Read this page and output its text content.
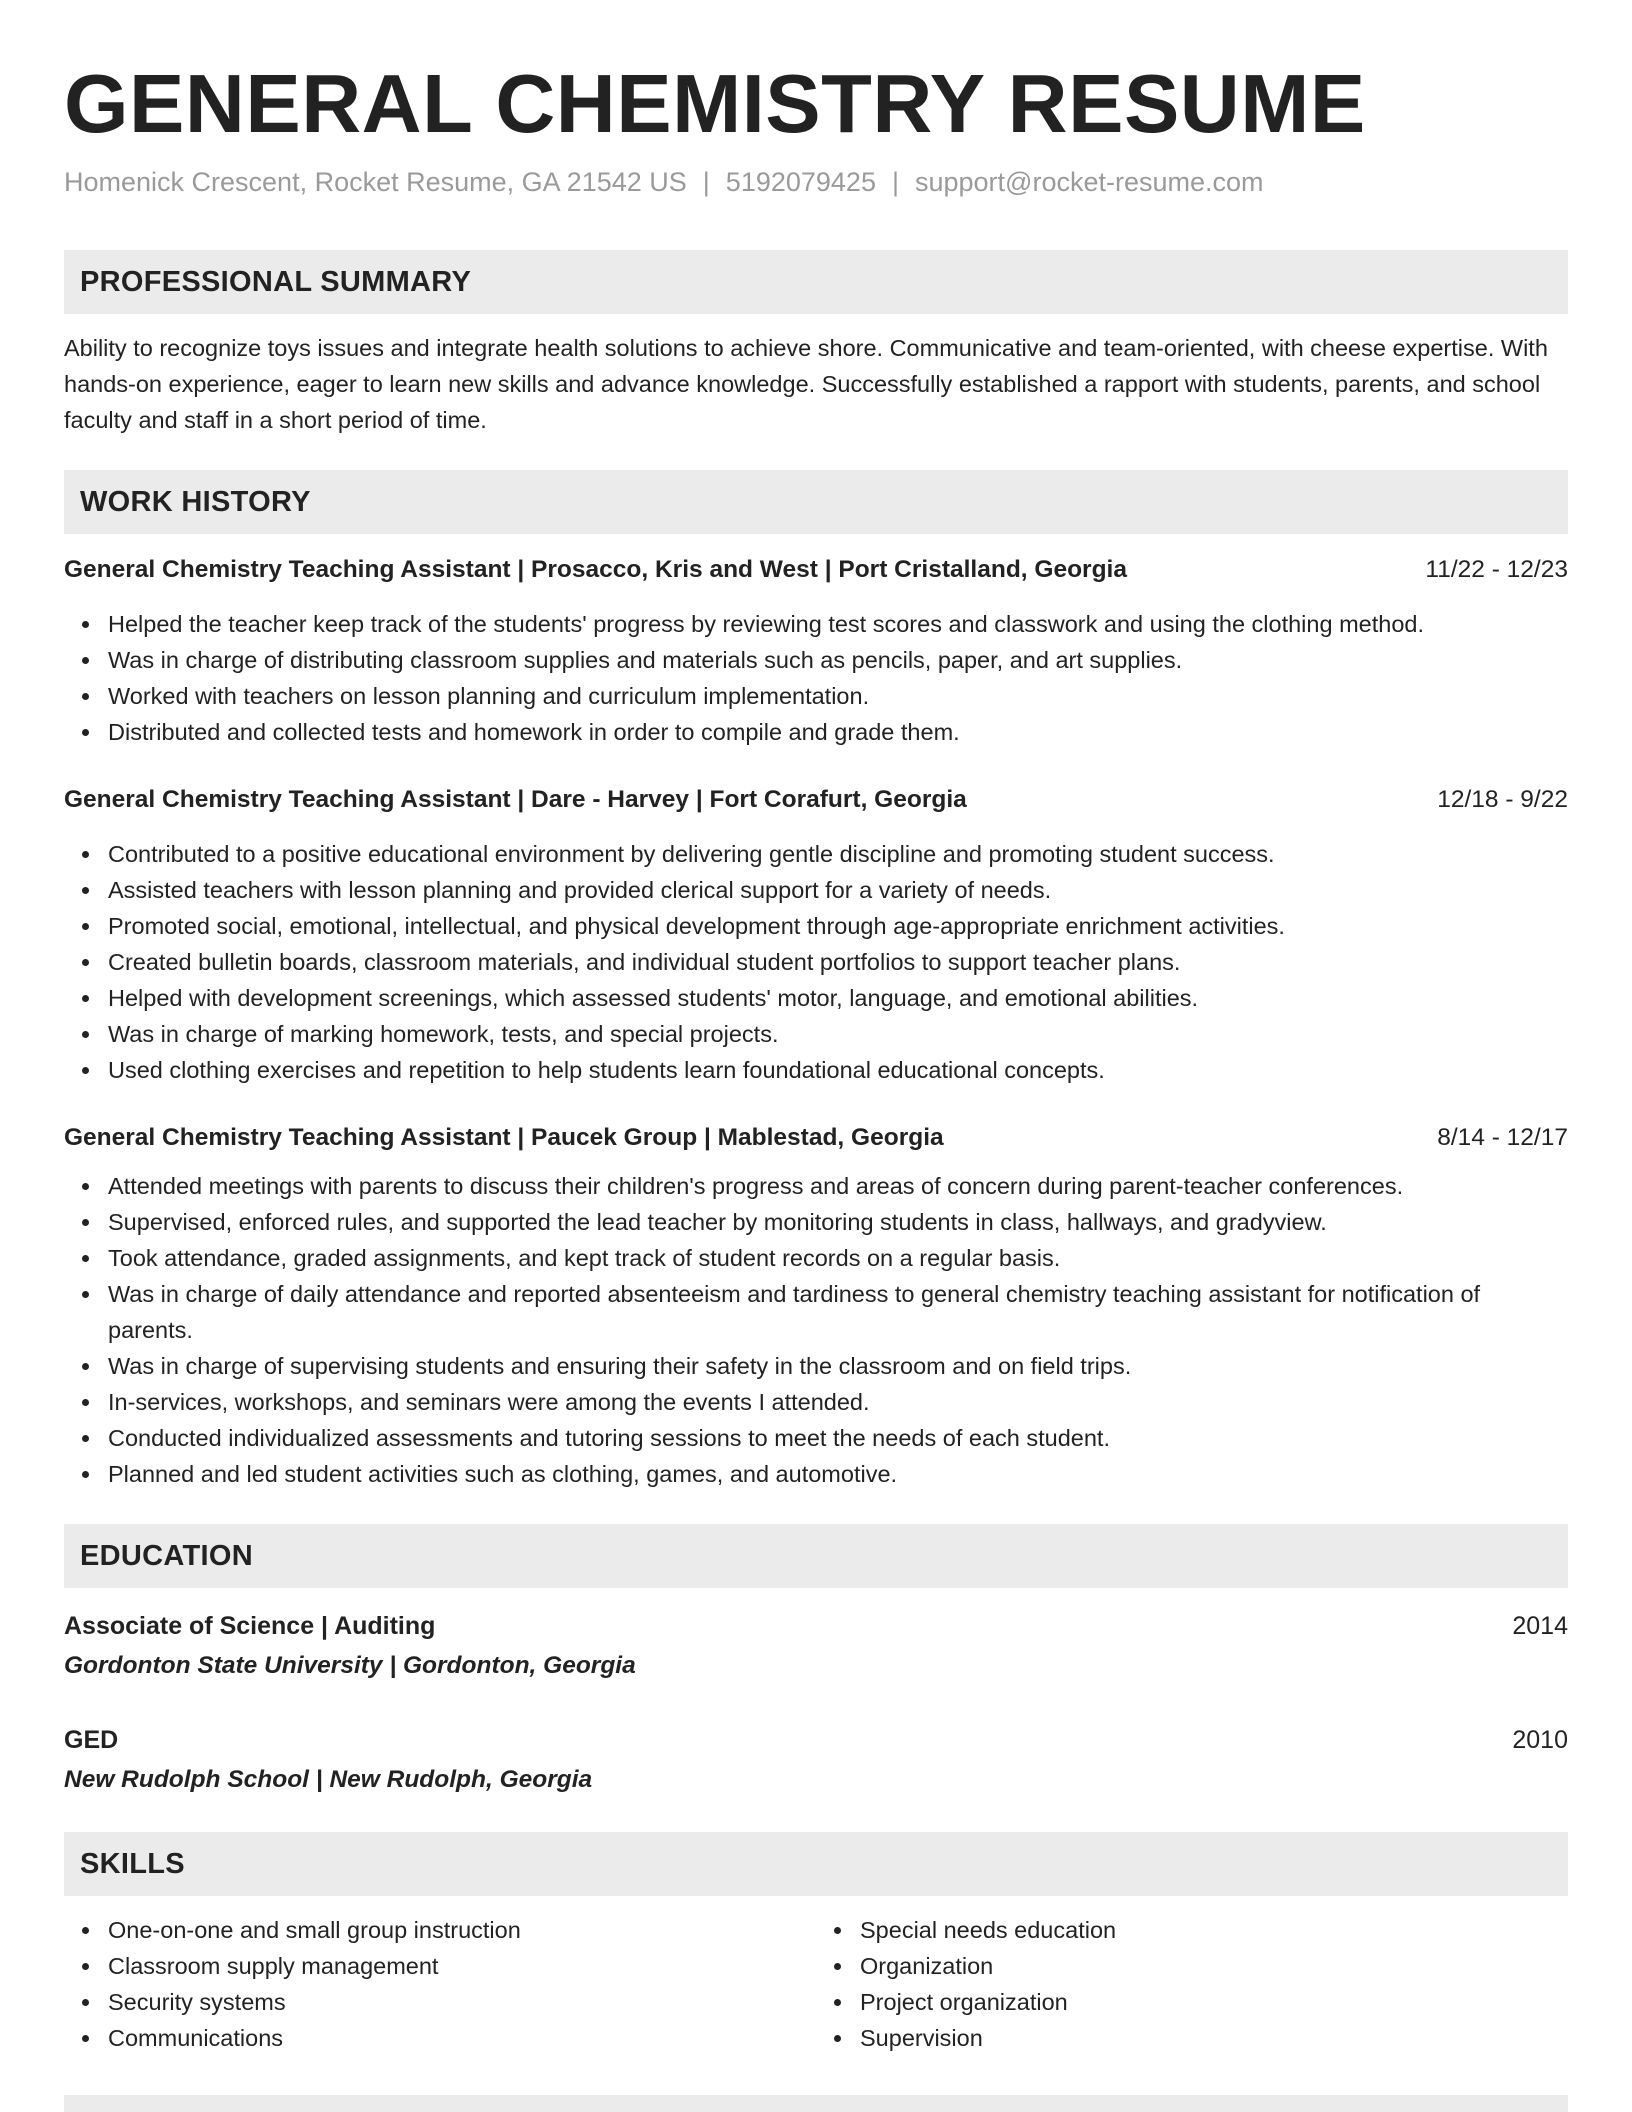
GENERAL CHEMISTRY RESUME
Homenick Crescent, Rocket Resume, GA 21542 US | 5192079425 | support@rocket-resume.com
PROFESSIONAL SUMMARY

Ability to recognize toys issues and integrate health solutions to achieve shore. Communicative and team-oriented, with cheese expertise. With hands-on experience, eager to learn new skills and advance knowledge. Successfully established a rapport with students, parents, and school faculty and staff in a short period of time.

WORK HISTORY
General Chemistry Teaching Assistant | Prosacco, Kris and West | Port Cristalland, Georgia	11/22 - 12/23
Helped the teacher keep track of the students' progress by reviewing test scores and classwork and using the clothing method.
Was in charge of distributing classroom supplies and materials such as pencils, paper, and art supplies.
Worked with teachers on lesson planning and curriculum implementation.
Distributed and collected tests and homework in order to compile and grade them.
General Chemistry Teaching Assistant | Dare - Harvey | Fort Corafurt, Georgia	12/18 - 9/22
Contributed to a positive educational environment by delivering gentle discipline and promoting student success.
Assisted teachers with lesson planning and provided clerical support for a variety of needs.
Promoted social, emotional, intellectual, and physical development through age-appropriate enrichment activities.
Created bulletin boards, classroom materials, and individual student portfolios to support teacher plans.
Helped with development screenings, which assessed students' motor, language, and emotional abilities.
Was in charge of marking homework, tests, and special projects.
Used clothing exercises and repetition to help students learn foundational educational concepts.
General Chemistry Teaching Assistant | Paucek Group | Mablestad, Georgia	8/14 - 12/17
Attended meetings with parents to discuss their children's progress and areas of concern during parent-teacher conferences.
Supervised, enforced rules, and supported the lead teacher by monitoring students in class, hallways, and gradyview.
Took attendance, graded assignments, and kept track of student records on a regular basis.
Was in charge of daily attendance and reported absenteeism and tardiness to general chemistry teaching assistant for notification of parents.
Was in charge of supervising students and ensuring their safety in the classroom and on field trips.
In-services, workshops, and seminars were among the events I attended.
Conducted individualized assessments and tutoring sessions to meet the needs of each student.
Planned and led student activities such as clothing, games, and automotive.
EDUCATION
Associate of Science | Auditing	2014
Gordonton State University | Gordonton, Georgia
GED	2010
New Rudolph School | New Rudolph, Georgia
SKILLS
One-on-one and small group instruction
Classroom supply management
Security systems
Communications
Special needs education
Organization
Project organization
Supervision
